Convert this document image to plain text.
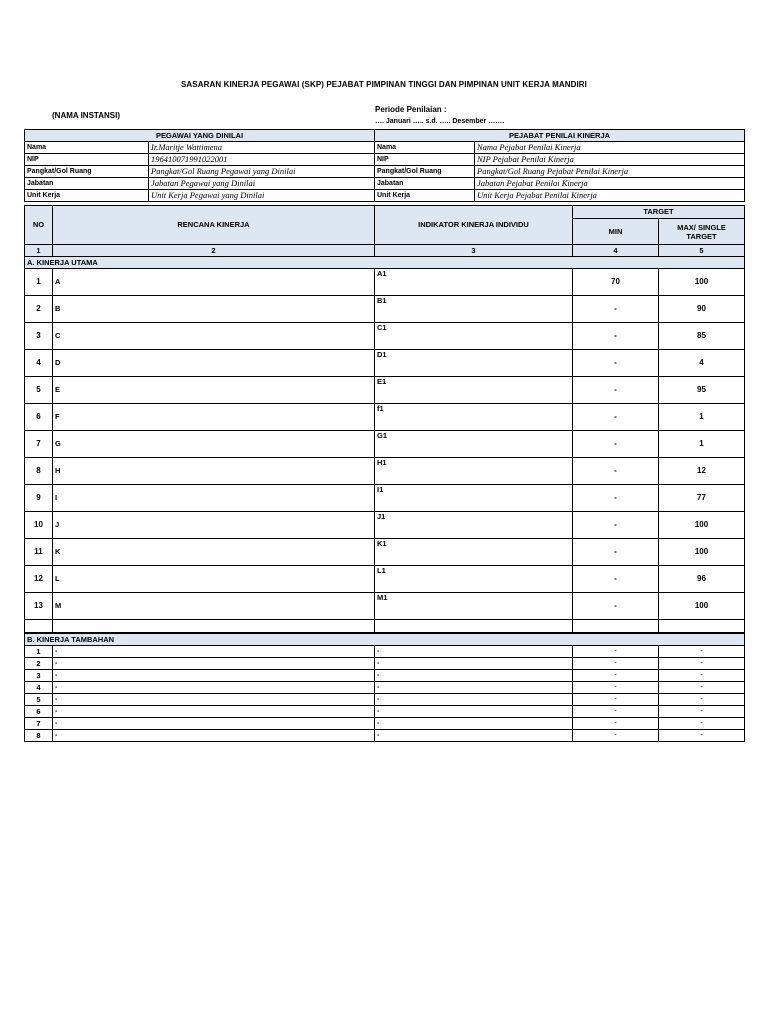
SASARAN KINERJA PEGAWAI (SKP) PEJABAT PIMPINAN TINGGI DAN PIMPINAN UNIT KERJA MANDIRI
(NAMA INSTANSI)
Periode Penilaian :
…. Januari ….. s.d. ….. Desember …….
PEGAWAI YANG DINILAI		PEJABAT PENILAI KINERJA	
Nama	Ir.Maritje Wattimena	Nama	Nama Pejabat Penilai Kinerja
NIP	196410071991022001	NIP	NIP Pejabat Penilai Kinerja
Pangkat/Gol Ruang	Pangkat/Gol Ruang Pegawai yang Dinilai	Pangkat/Gol Ruang	Pangkat/Gol Ruang Pejabat Penilai Kinerja
Jabatan	Jabatan Pegawai yang Dinilai	Jabatan	Jabatan Pejabat Penilai Kinerja
Unit Kerja	Unit Kerja Pegawai yang Dinilai	Unit Kerja	Unit Kerja Pejabat Penilai Kinerja
NO	RENCANA KINERJA	INDIKATOR KINERJA INDIVIDU	TARGET	
			MIN	MAX/ SINGLE TARGET
1	2	3	4	5
A. KINERJA UTAMA				
1	A	A1	70	100
2	B	B1	-	90
3	C	C1	-	85
4	D	D1	-	4
5	E	E1	-	95
6	F	f1	-	1
7	G	G1	-	1
8	H	H1	-	12
9	I	I1	-	77
10	J	J1	-	100
11	K	K1	-	100
12	L	L1	-	96
13	M	M1	-	100

B. KINERJA TAMBAHAN				
1	-	-	-	-
2	-	-	-	-
3	-	-	-	-
4	-	-	-	-
5	-	-	-	-
6	-	-	-	-
7	-	-	-	-
8	-	-	-	-
